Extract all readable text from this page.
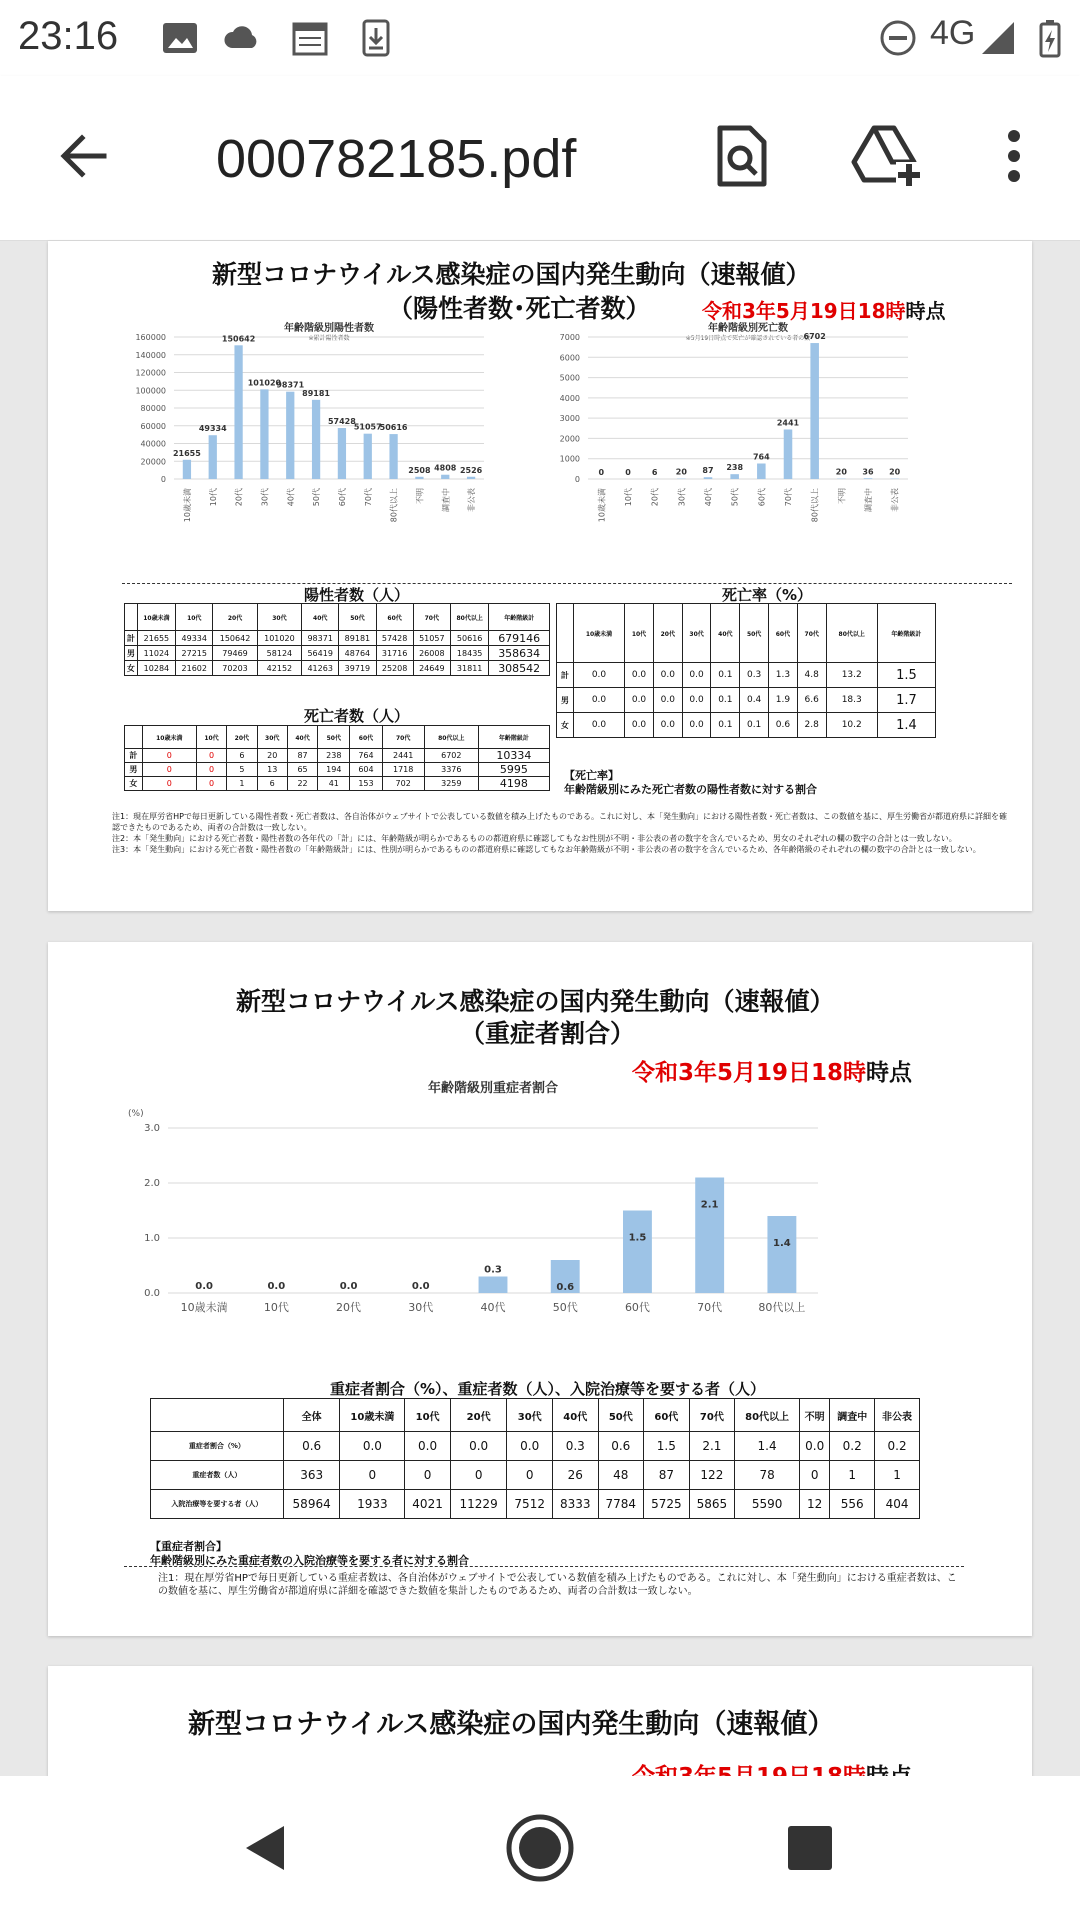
23:16	4G
000782185.pdf
新型コロナウイルス感染症の国内発生動向（速報値）
（陽性者数･死亡者数）	令和3年5月19日18時時点
年齢階級別陽性者数
※累計陽性者数
0
20000
40000
60000
80000
100000
120000
140000
160000
21655
10歳未満
49334
10代
150642
20代
101020
30代
98371
40代
89181
50代
57428
60代
51057
70代
50616
80代以上
2508
不明
4808
調査中
2526
非公表
年齢階級別死亡数
※5月19日時点で死亡が確認されている者の数
0
1000
2000
3000
4000
5000
6000
7000
0
10歳未満
0
10代
6
20代
20
30代
87
40代
238
50代
764
60代
2441
70代
6702
80代以上
20
不明
36
調査中
20
非公表
陽性者数（人）	死亡率（%）
	10歳未満	10代	20代	30代	40代	50代	60代	70代	80代以上	年齢階級計
計	21655	49334	150642	101020	98371	89181	57428	51057	50616	679146
男	11024	27215	79469	58124	56419	48764	31716	26008	18435	358634
女	10284	21602	70203	42152	41263	39719	25208	24649	31811	308542
死亡者数（人）
	10歳未満	10代	20代	30代	40代	50代	60代	70代	80代以上	年齢階級計
計	0	0	6	20	87	238	764	2441	6702	10334
男	0	0	5	13	65	194	604	1718	3376	5995
女	0	0	1	6	22	41	153	702	3259	4198
	10歳未満	10代	20代	30代	40代	50代	60代	70代	80代以上	年齢階級計
計	0.0	0.0	0.0	0.0	0.1	0.3	1.3	4.8	13.2	1.5
男	0.0	0.0	0.0	0.0	0.1	0.4	1.9	6.6	18.3	1.7
女	0.0	0.0	0.0	0.0	0.1	0.1	0.6	2.8	10.2	1.4
【死亡率】
年齢階級別にみた死亡者数の陽性者数に対する割合
注1：現在厚労省HPで毎日更新している陽性者数・死亡者数は、各自治体がウェブサイトで公表している数値を積み上げたものである。これに対し、本「発生動向」における陽性者数・死亡者数は、この数値を基に、厚生労働省が都道府県に詳細を確認できたものであるため、両者の合計数は一致しない。
注2：本「発生動向」における死亡者数・陽性者数の各年代の「計」には、年齢階級が明らかであるものの都道府県に確認してもなお性別が不明・非公表の者の数字を含んでいるため、男女のそれぞれの欄の数字の合計とは一致しない。
注3：本「発生動向」における死亡者数・陽性者数の「年齢階級計」には、性別が明らかであるものの都道府県に確認してもなお年齢階級が不明・非公表の者の数字を含んでいるため、各年齢階級のそれぞれの欄の数字の合計とは一致しない。
新型コロナウイルス感染症の国内発生動向（速報値）
（重症者割合）
令和3年5月19日18時時点
年齢階級別重症者割合
(%)
0.0
1.0
2.0
3.0
0.0
10歳未満
0.0
10代
0.0
20代
0.0
30代
0.3
40代
0.6
50代
1.5
60代
2.1
70代
1.4
80代以上
重症者割合（%）、重症者数（人）、入院治療等を要する者（人）
	全体	10歳未満	10代	20代	30代	40代	50代	60代	70代	80代以上	不明	調査中	非公表
重症者割合（%）	0.6	0.0	0.0	0.0	0.0	0.3	0.6	1.5	2.1	1.4	0.0	0.2	0.2
重症者数（人）	363	0	0	0	0	26	48	87	122	78	0	1	1
入院治療等を要する者（人）	58964	1933	4021	11229	7512	8333	7784	5725	5865	5590	12	556	404
【重症者割合】
年齢階級別にみた重症者数の入院治療等を要する者に対する割合
注1：現在厚労省HPで毎日更新している重症者数は、各自治体がウェブサイトで公表している数値を積み上げたものである。これに対し、本「発生動向」における重症者数は、この数値を基に、厚生労働省が都道府県に詳細を確認できた数値を集計したものであるため、両者の合計数は一致しない。
新型コロナウイルス感染症の国内発生動向（速報値）
